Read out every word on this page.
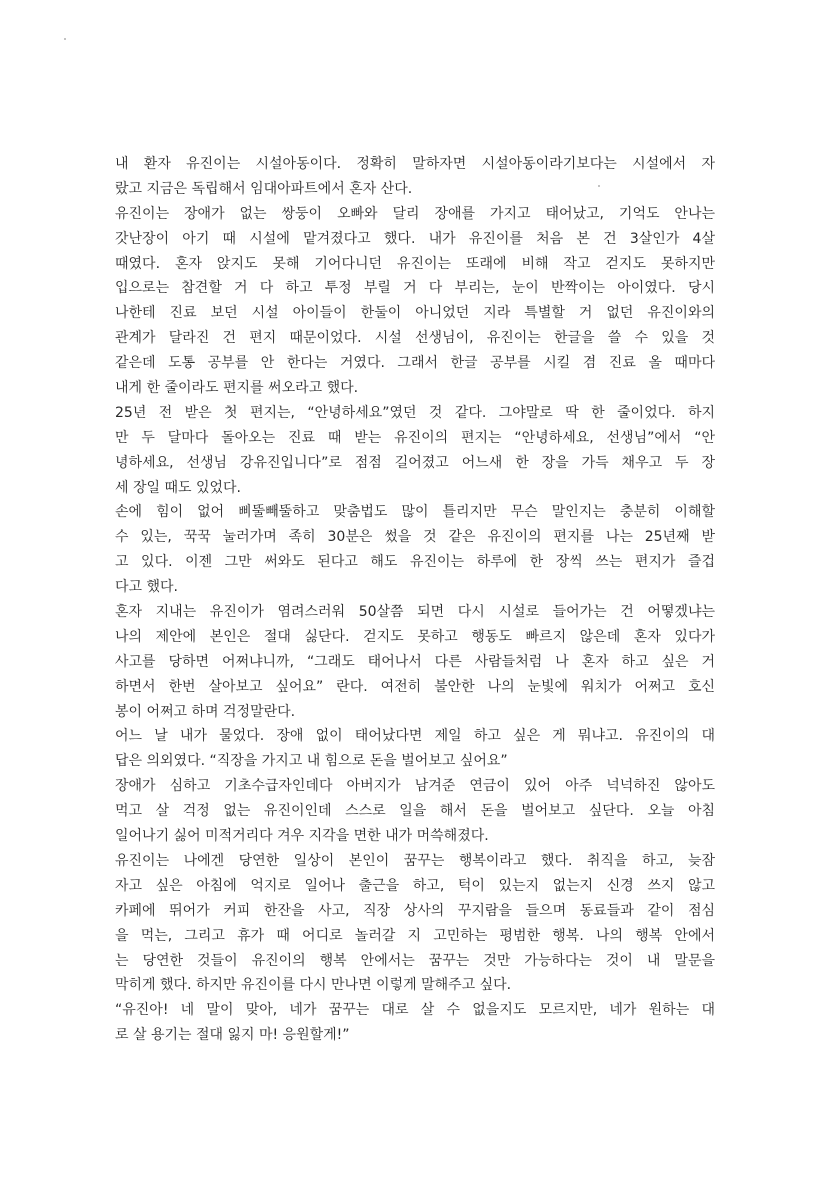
내 환자 유진이는 시설아동이다. 정확히 말하자면 시설아동이라기보다는 시설에서 자
랐고 지금은 독립해서 임대아파트에서 혼자 산다.
유진이는 장애가 없는 쌍둥이 오빠와 달리 장애를 가지고 태어났고, 기억도 안나는
갓난장이 아기 때 시설에 맡겨졌다고 했다. 내가 유진이를 처음 본 건 3살인가 4살
때였다. 혼자 앉지도 못해 기어다니던 유진이는 또래에 비해 작고 걷지도 못하지만
입으로는 참견할 거 다 하고 투정 부릴 거 다 부리는, 눈이 반짝이는 아이였다. 당시
나한테 진료 보던 시설 아이들이 한둘이 아니었던 지라 특별할 거 없던 유진이와의
관계가 달라진 건 편지 때문이었다. 시설 선생님이, 유진이는 한글을 쓸 수 있을 것
같은데 도통 공부를 안 한다는 거였다. 그래서 한글 공부를 시킬 겸 진료 올 때마다
내게 한 줄이라도 편지를 써오라고 했다.
25년 전 받은 첫 편지는, “안녕하세요”였던 것 같다. 그야말로 딱 한 줄이었다. 하지
만 두 달마다 돌아오는 진료 때 받는 유진이의 편지는 “안녕하세요, 선생님”에서 “안
녕하세요, 선생님 강유진입니다”로 점점 길어졌고 어느새 한 장을 가득 채우고 두 장
세 장일 때도 있었다.
손에 힘이 없어 삐뚤빼뚤하고 맞춤법도 많이 틀리지만 무슨 말인지는 충분히 이해할
수 있는, 꾹꾹 눌러가며 족히 30분은 썼을 것 같은 유진이의 편지를 나는 25년째 받
고 있다. 이젠 그만 써와도 된다고 해도 유진이는 하루에 한 장씩 쓰는 편지가 즐겁
다고 했다.
혼자 지내는 유진이가 염려스러워 50살쯤 되면 다시 시설로 들어가는 건 어떻겠냐는
나의 제안에 본인은 절대 싫단다. 걷지도 못하고 행동도 빠르지 않은데 혼자 있다가
사고를 당하면 어쩌냐니까, “그래도 태어나서 다른 사람들처럼 나 혼자 하고 싶은 거
하면서 한번 살아보고 싶어요” 란다. 여전히 불안한 나의 눈빛에 워치가 어쩌고 호신
봉이 어쩌고 하며 걱정말란다.
어느 날 내가 물었다. 장애 없이 태어났다면 제일 하고 싶은 게 뭐냐고. 유진이의 대
답은 의외였다. “직장을 가지고 내 힘으로 돈을 벌어보고 싶어요”
장애가 심하고 기초수급자인데다 아버지가 남겨준 연금이 있어 아주 넉넉하진 않아도
먹고 살 걱정 없는 유진이인데 스스로 일을 해서 돈을 벌어보고 싶단다. 오늘 아침
일어나기 싫어 미적거리다 겨우 지각을 면한 내가 머쓱해졌다.
유진이는 나에겐 당연한 일상이 본인이 꿈꾸는 행복이라고 했다. 취직을 하고, 늦잠
자고 싶은 아침에 억지로 일어나 출근을 하고, 턱이 있는지 없는지 신경 쓰지 않고
카페에 뛰어가 커피 한잔을 사고, 직장 상사의 꾸지람을 들으며 동료들과 같이 점심
을 먹는, 그리고 휴가 때 어디로 놀러갈 지 고민하는 평범한 행복. 나의 행복 안에서
는 당연한 것들이 유진이의 행복 안에서는 꿈꾸는 것만 가능하다는 것이 내 말문을
막히게 했다. 하지만 유진이를 다시 만나면 이렇게 말해주고 싶다.
“유진아! 네 말이 맞아, 네가 꿈꾸는 대로 살 수 없을지도 모르지만, 네가 원하는 대
로 살 용기는 절대 잃지 마! 응원할게!”
